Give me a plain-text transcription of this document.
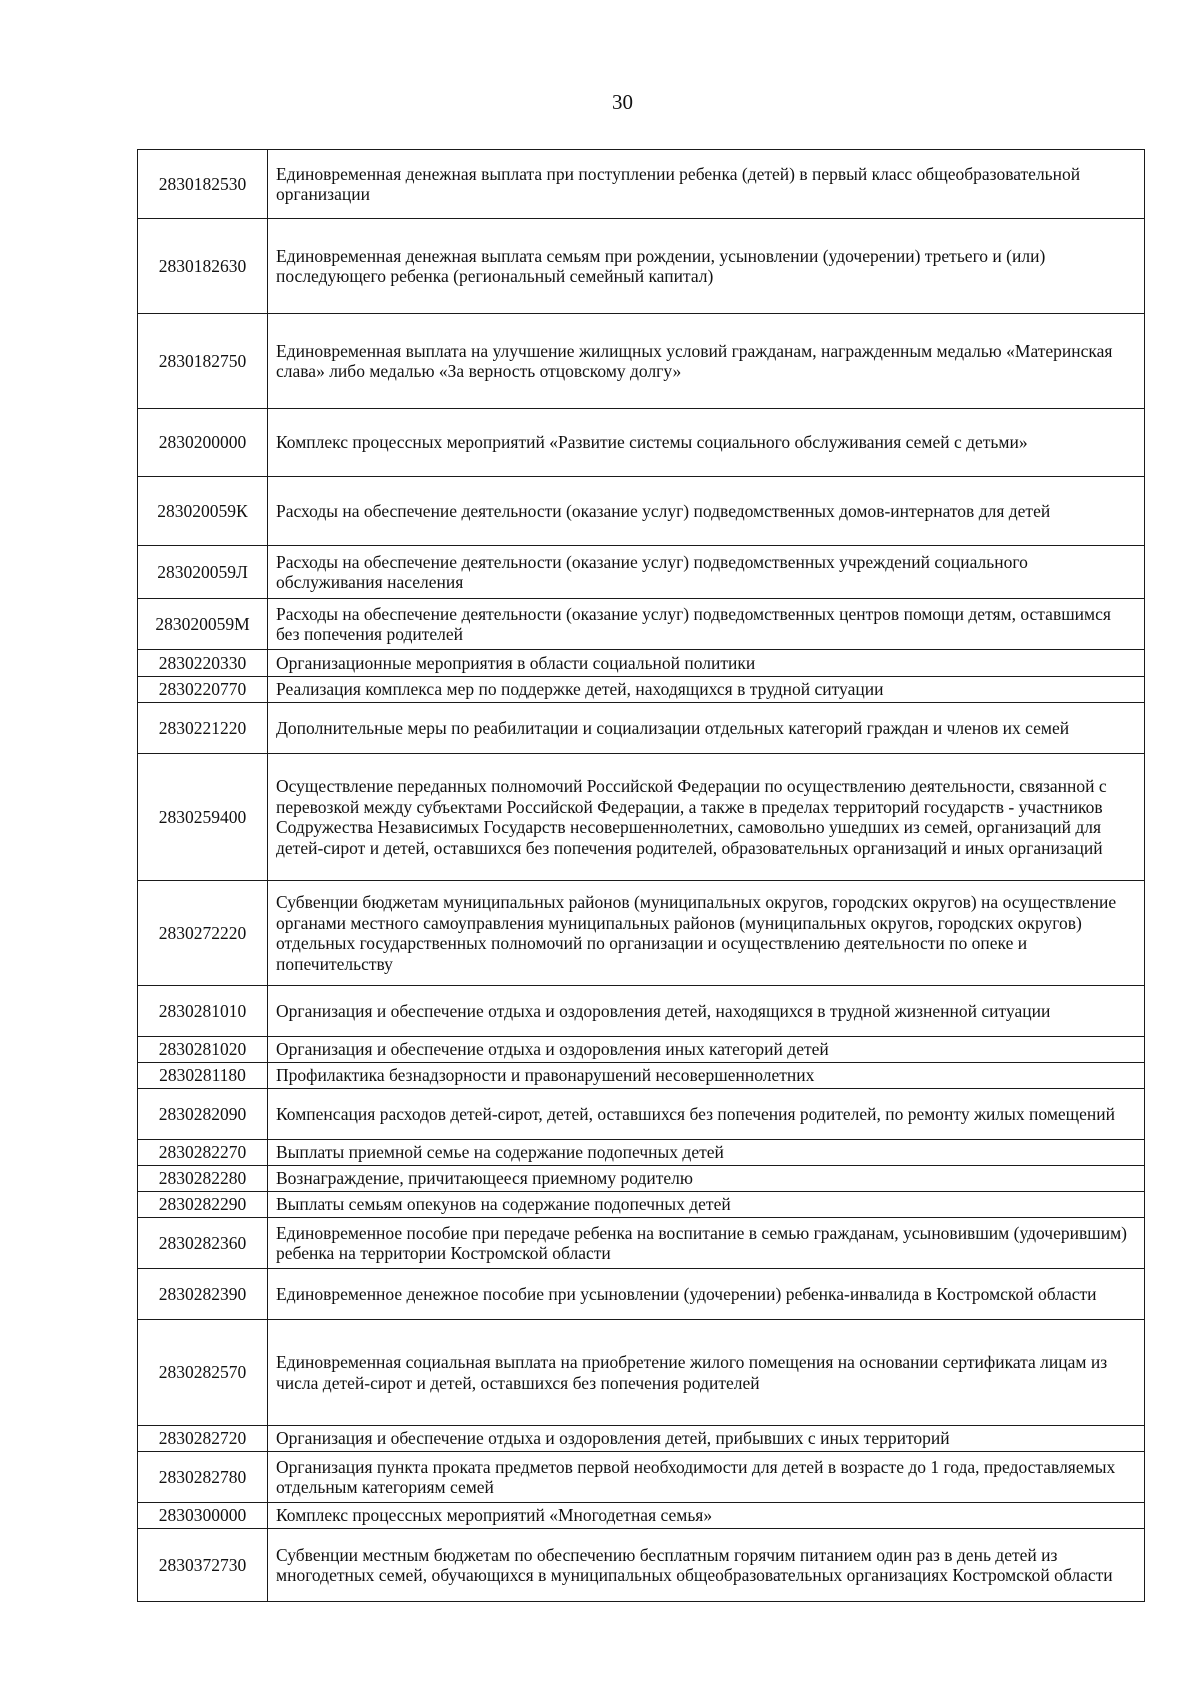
30
2830182530	Единовременная денежная выплата при поступлении ребенка (детей) в первый класс общеобразовательной организации
2830182630	Единовременная денежная выплата семьям при рождении, усыновлении (удочерении) третьего и (или) последующего ребенка (региональный семейный капитал)
2830182750	Единовременная выплата на улучшение жилищных условий гражданам, награжденным медалью «Материнская слава» либо медалью «За верность отцовскому долгу»
2830200000	Комплекс процессных мероприятий «Развитие системы социального обслуживания семей с детьми»
283020059К	Расходы на обеспечение деятельности (оказание услуг) подведомственных домов-интернатов для детей
283020059Л	Расходы на обеспечение деятельности (оказание услуг) подведомственных учреждений социального обслуживания населения
283020059М	Расходы на обеспечение деятельности (оказание услуг) подведомственных центров помощи детям, оставшимся без попечения родителей
2830220330	Организационные мероприятия в области социальной политики
2830220770	Реализация комплекса мер по поддержке детей, находящихся в трудной ситуации
2830221220	Дополнительные меры по реабилитации и социализации отдельных категорий граждан и членов их семей
2830259400	Осуществление переданных полномочий Российской Федерации по осуществлению деятельности, связанной с перевозкой между субъектами Российской Федерации, а также в пределах территорий государств - участников Содружества Независимых Государств несовершеннолетних, самовольно ушедших из семей, организаций для детей-сирот и детей, оставшихся без попечения родителей, образовательных организаций и иных организаций
2830272220	Субвенции бюджетам муниципальных районов (муниципальных округов, городских округов) на осуществление органами местного самоуправления муниципальных районов (муниципальных округов, городских округов) отдельных государственных полномочий по организации и осуществлению деятельности по опеке и попечительству
2830281010	Организация и обеспечение отдыха и оздоровления детей, находящихся в трудной жизненной ситуации
2830281020	Организация и обеспечение отдыха и оздоровления иных категорий детей
2830281180	Профилактика безнадзорности и правонарушений несовершеннолетних
2830282090	Компенсация расходов детей-сирот, детей, оставшихся без попечения родителей, по ремонту жилых помещений
2830282270	Выплаты приемной семье на содержание подопечных детей
2830282280	Вознаграждение, причитающееся приемному родителю
2830282290	Выплаты семьям опекунов на содержание подопечных детей
2830282360	Единовременное пособие при передаче ребенка на воспитание в семью гражданам, усыновившим (удочерившим) ребенка на территории Костромской области
2830282390	Единовременное денежное пособие при усыновлении (удочерении) ребенка-инвалида в Костромской области
2830282570	Единовременная социальная выплата на приобретение жилого помещения на основании сертификата лицам из числа детей-сирот и детей, оставшихся без попечения родителей
2830282720	Организация и обеспечение отдыха и оздоровления детей, прибывших с иных территорий
2830282780	Организация пункта проката предметов первой необходимости для детей в возрасте до 1 года, предоставляемых отдельным категориям семей
2830300000	Комплекс процессных мероприятий «Многодетная семья»
2830372730	Субвенции местным бюджетам по обеспечению бесплатным горячим питанием один раз в день детей из многодетных семей, обучающихся в муниципальных общеобразовательных организациях Костромской области
